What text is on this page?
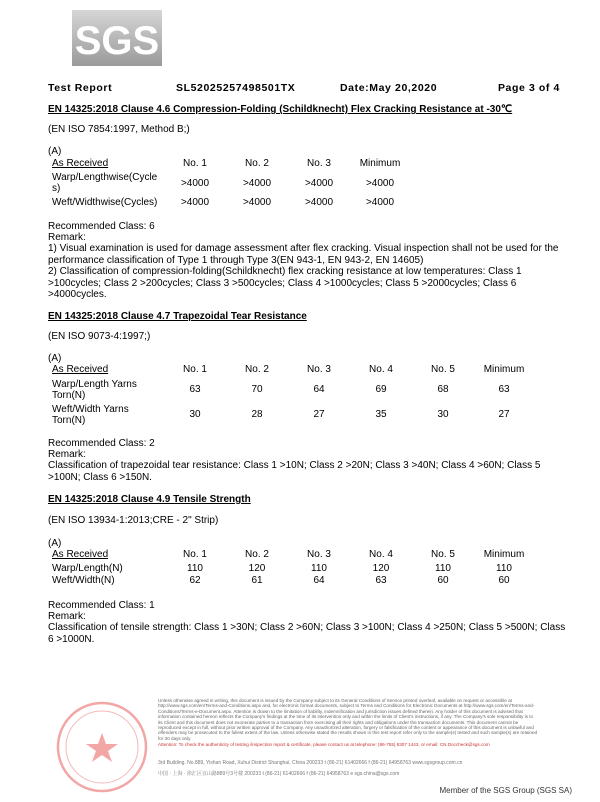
SGS
Test Report	SL52025257498501TX	Date:May 20,2020	Page 3 of 4
EN 14325:2018 Clause 4.6 Compression-Folding (Schildknecht) Flex Cracking Resistance at -30℃
(EN ISO 7854:1997, Method B;)
(A)
As Received	No. 1	No. 2	No. 3	Minimum
Warp/Lengthwise(Cycle
s)	>4000	>4000	>4000	>4000
Weft/Widthwise(Cycles)	>4000	>4000	>4000	>4000
Recommended Class: 6
Remark:
1) Visual examination is used for damage assessment after flex cracking. Visual inspection shall not be used for the performance classification of Type 1 through Type 3(EN 943-1, EN 943-2, EN 14605)
2) Classification of compression-folding(Schildknecht) flex cracking resistance at low temperatures: Class 1 >100cycles; Class 2 >200cycles; Class 3 >500cycles; Class 4 >1000cycles; Class 5 >2000cycles; Class 6 >4000cycles.
EN 14325:2018 Clause 4.7 Trapezoidal Tear Resistance
(EN ISO 9073-4:1997;)
(A)
As Received	No. 1	No. 2	No. 3	No. 4	No. 5	Minimum
Warp/Length Yarns
Torn(N)
63	70	64	69	68	63
Weft/Width Yarns
Torn(N)
30	28	27	35	30	27
Recommended Class: 2
Remark:
Classification of trapezoidal tear resistance: Class 1 >10N; Class 2 >20N; Class 3 >40N; Class 4 >60N; Class 5 >100N; Class 6 >150N.
EN 14325:2018 Clause 4.9 Tensile Strength
(EN ISO 13934-1:2013;CRE - 2" Strip)
(A)
As Received	No. 1	No. 2	No. 3	No. 4	No. 5	Minimum
Warp/Length(N)	110	120	110	120	110	110
Weft/Width(N)	62	61	64	63	60	60
Recommended Class: 1
Remark:
Classification of tensile strength: Class 1 >30N; Class 2 >60N; Class 3 >100N; Class 4 >250N; Class 5 >500N; Class 6 >1000N.
Unless otherwise agreed in writing, this document is issued by the Company subject to its General Conditions of Service printed overleaf, available on request or accessible at http://www.sgs.com/en/Terms-and-Conditions.aspx and, for electronic format documents, subject to Terms and Conditions for Electronic Documents at http://www.sgs.com/en/Terms-and-Conditions/Terms-e-Document.aspx. Attention is drawn to the limitation of liability, indemnification and jurisdiction issues defined therein. Any holder of this document is advised that information contained hereon reflects the Company's findings at the time of its intervention only and within the limits of Client's instructions, if any. The Company's sole responsibility is to its Client and this document does not exonerate parties to a transaction from exercising all their rights and obligations under the transaction documents. This document cannot be reproduced except in full, without prior written approval of the Company. Any unauthorized alteration, forgery or falsification of the content or appearance of this document is unlawful and offenders may be prosecuted to the fullest extent of the law. Unless otherwise stated the results shown in this test report refer only to the sample(s) tested and such sample(s) are retained for 30 days only.
Attention: To check the authenticity of testing /inspection report & certificate, please contact us at telephone: (86-755) 8307 1443, or email: CN.Doccheck@sgs.com
3rd Building, No.889, Yishan Road, Xuhui District Shanghai, China 200233 t (86-21) 61402666 f (86-21) 64958763 www.sgsgroup.com.cn
中国 · 上海 · 徐汇区宜山路889号3号楼 200233 t (86-21) 61402666 f (86-21) 64958763 e sgs.china@sgs.com
Member of the SGS Group (SGS SA)
